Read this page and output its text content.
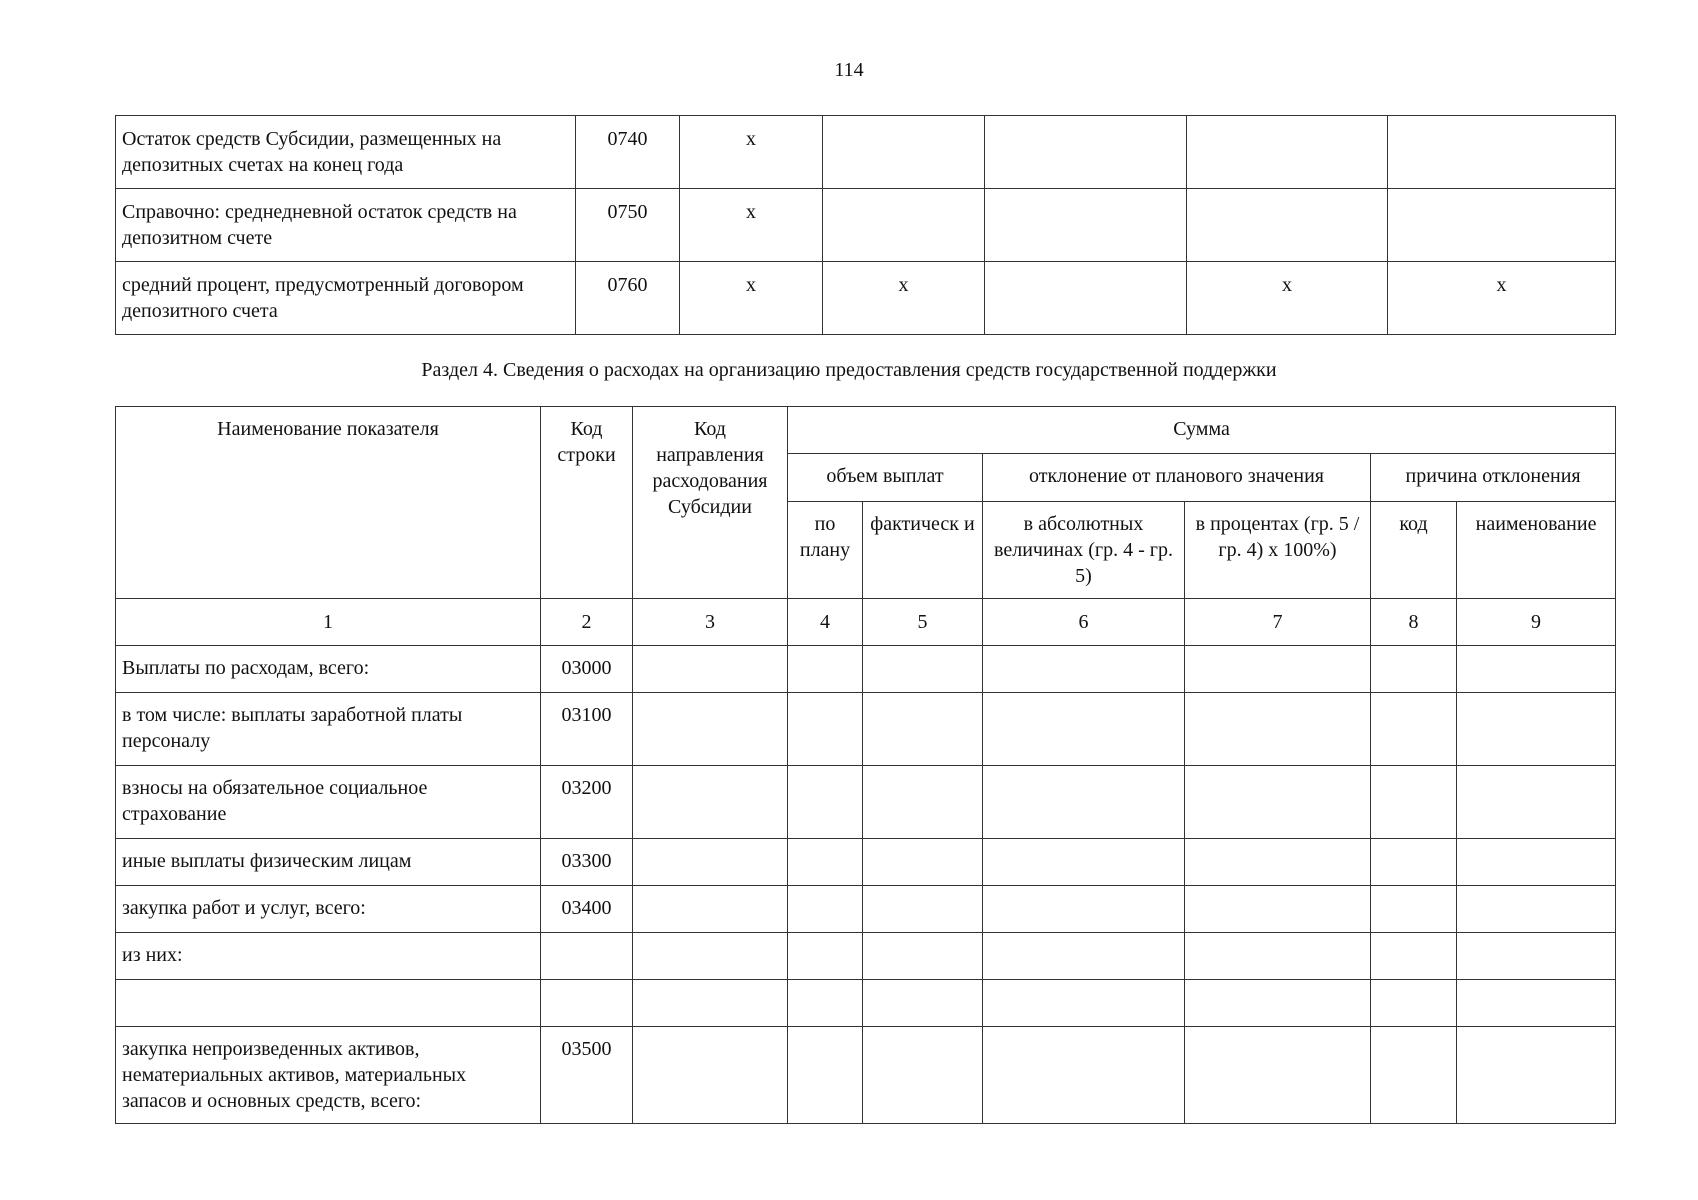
114
Остаток средств Субсидии, размещенных на депозитных счетах на конец года	0740	x				
Справочно: среднедневной остаток средств на депозитном счете	0750	x				
средний процент, предусмотренный договором депозитного счета	0760	x	x		x	x
Раздел 4. Сведения о расходах на организацию предоставления средств государственной поддержки
Наименование показателя	Код строки	Код направления расходования Субсидии	Сумма					
			объем выплат		отклонение от планового значения		причина отклонения	
			по плану	фактическ и	в абсолютных величинах (гр. 4 - гр. 5)	в процентах (гр. 5 / гр. 4) x 100%)	код	наименование
1	2	3	4	5	6	7	8	9
Выплаты по расходам, всего:	03000							
в том числе: выплаты заработной платы персоналу	03100							
взносы на обязательное социальное страхование	03200							
иные выплаты физическим лицам	03300							
закупка работ и услуг, всего:	03400							
из них:								

закупка непроизведенных активов, нематериальных активов, материальных запасов и основных средств, всего:	03500							
